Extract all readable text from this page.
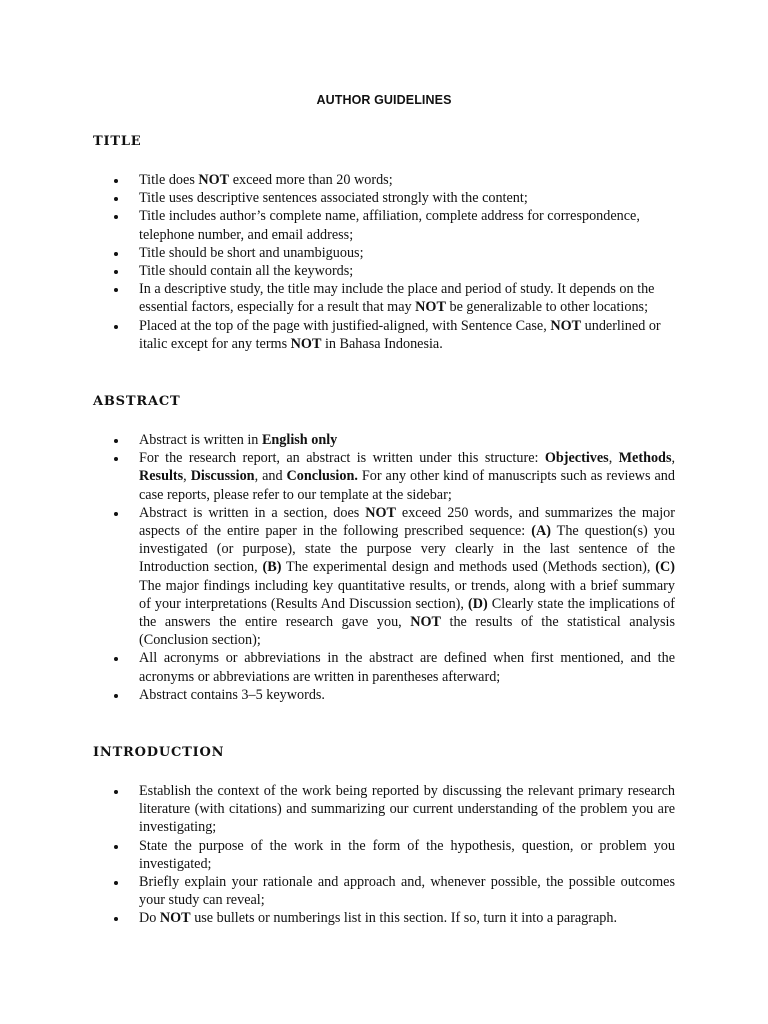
AUTHOR GUIDELINES
TITLE
Title does NOT exceed more than 20 words;
Title uses descriptive sentences associated strongly with the content;
Title includes author’s complete name, affiliation, complete address for correspondence, telephone number, and email address;
Title should be short and unambiguous;
Title should contain all the keywords;
In a descriptive study, the title may include the place and period of study. It depends on the essential factors, especially for a result that may NOT be generalizable to other locations;
Placed at the top of the page with justified-aligned, with Sentence Case, NOT underlined or italic except for any terms NOT in Bahasa Indonesia.
ABSTRACT
Abstract is written in English only
For the research report, an abstract is written under this structure: Objectives, Methods, Results, Discussion, and Conclusion. For any other kind of manuscripts such as reviews and case reports, please refer to our template at the sidebar;
Abstract is written in a section, does NOT exceed 250 words, and summarizes the major aspects of the entire paper in the following prescribed sequence: (A) The question(s) you investigated (or purpose), state the purpose very clearly in the last sentence of the Introduction section, (B) The experimental design and methods used (Methods section), (C) The major findings including key quantitative results, or trends, along with a brief summary of your interpretations (Results And Discussion section), (D) Clearly state the implications of the answers the entire research gave you, NOT the results of the statistical analysis (Conclusion section);
All acronyms or abbreviations in the abstract are defined when first mentioned, and the acronyms or abbreviations are written in parentheses afterward;
Abstract contains 3–5 keywords.
INTRODUCTION
Establish the context of the work being reported by discussing the relevant primary research literature (with citations) and summarizing our current understanding of the problem you are investigating;
State the purpose of the work in the form of the hypothesis, question, or problem you investigated;
Briefly explain your rationale and approach and, whenever possible, the possible outcomes your study can reveal;
Do NOT use bullets or numberings list in this section. If so, turn it into a paragraph.
